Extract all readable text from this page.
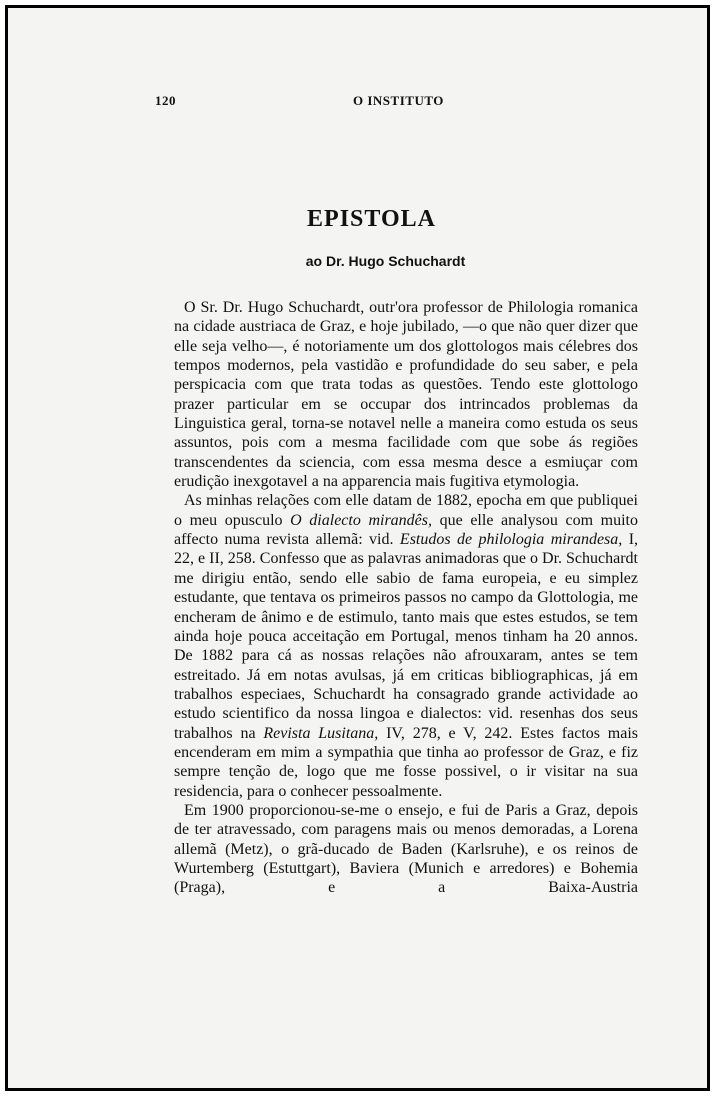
120	O INSTITUTO
EPISTOLA
ao Dr. Hugo Schuchardt

O Sr. Dr. Hugo Schuchardt, outr'ora professor de Philologia romanica na cidade austriaca de Graz, e hoje jubilado, —o que não quer dizer que elle seja velho—, é notoriamente um dos glottologos mais célebres dos tempos modernos, pela vastidão e profundidade do seu saber, e pela perspicacia com que trata todas as questões. Tendo este glottologo prazer particular em se occupar dos intrincados problemas da Linguistica geral, torna-se notavel nelle a maneira como estuda os seus assuntos, pois com a mesma facilidade com que sobe ás regiões transcendentes da sciencia, com essa mesma desce a esmiuçar com erudição inexgotavel a na apparencia mais fugitiva etymologia.

As minhas relações com elle datam de 1882, epocha em que publiquei o meu opusculo O dialecto mirandês, que elle analysou com muito affecto numa revista allemã: vid. Estudos de philologia mirandesa, I, 22, e II, 258. Confesso que as palavras animadoras que o Dr. Schuchardt me dirigiu então, sendo elle sabio de fama europeia, e eu simplez estudante, que tentava os primeiros passos no campo da Glottologia, me encheram de ânimo e de estimulo, tanto mais que estes estudos, se tem ainda hoje pouca acceitação em Portugal, menos tinham ha 20 annos. De 1882 para cá as nossas relações não afrouxaram, antes se tem estreitado. Já em notas avulsas, já em criticas bibliographicas, já em trabalhos especiaes, Schuchardt ha consagrado grande actividade ao estudo scientifico da nossa lingoa e dialectos: vid. resenhas dos seus trabalhos na Revista Lusitana, IV, 278, e V, 242. Estes factos mais encenderam em mim a sympathia que tinha ao professor de Graz, e fiz sempre tenção de, logo que me fosse possivel, o ir visitar na sua residencia, para o conhecer pessoalmente.

Em 1900 proporcionou-se-me o ensejo, e fui de Paris a Graz, depois de ter atravessado, com paragens mais ou menos demoradas, a Lorena allemã (Metz), o grã-ducado de Baden (Karlsruhe), e os reinos de Wurtemberg (Estuttgart), Baviera (Munich e arredores) e Bohemia (Praga), e a Baixa-Austria
